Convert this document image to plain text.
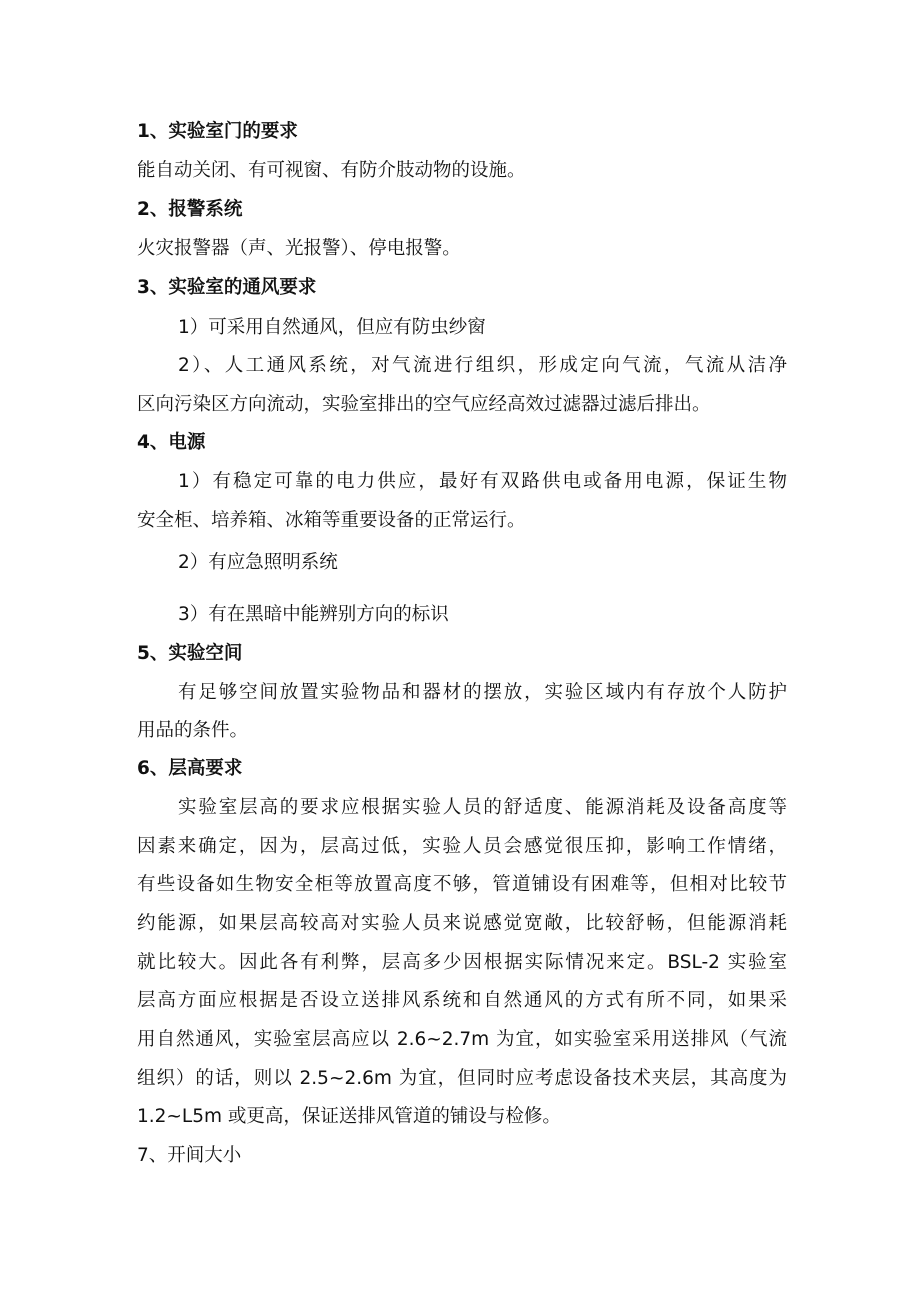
1、实验室门的要求
能自动关闭、有可视窗、有防介肢动物的设施。
2、报警系统
火灾报警器（声、光报警）、停电报警。
3、实验室的通风要求
1）可采用自然通风，但应有防虫纱窗
2）、人工通风系统，对气流进行组织，形成定向气流，气流从洁净
区向污染区方向流动，实验室排出的空气应经高效过滤器过滤后排出。
4、电源
1）有稳定可靠的电力供应，最好有双路供电或备用电源，保证生物
安全柜、培养箱、冰箱等重要设备的正常运行。
2）有应急照明系统
3）有在黑暗中能辨别方向的标识
5、实验空间
有足够空间放置实验物品和器材的摆放，实验区域内有存放个人防护
用品的条件。
6、层高要求
实验室层高的要求应根据实验人员的舒适度、能源消耗及设备高度等
因素来确定，因为，层高过低，实验人员会感觉很压抑，影响工作情绪，
有些设备如生物安全柜等放置高度不够，管道铺设有困难等，但相对比较节
约能源，如果层高较高对实验人员来说感觉宽敞，比较舒畅，但能源消耗
就比较大。因此各有利弊，层高多少因根据实际情况来定。BSL-2 实验室
层高方面应根据是否设立送排风系统和自然通风的方式有所不同，如果采
用自然通风，实验室层高应以 2.6~2.7m 为宜，如实验室采用送排风（气流
组织）的话，则以 2.5~2.6m 为宜，但同时应考虑设备技术夹层，其高度为
1.2~L5m 或更高，保证送排风管道的铺设与检修。
7、开间大小
